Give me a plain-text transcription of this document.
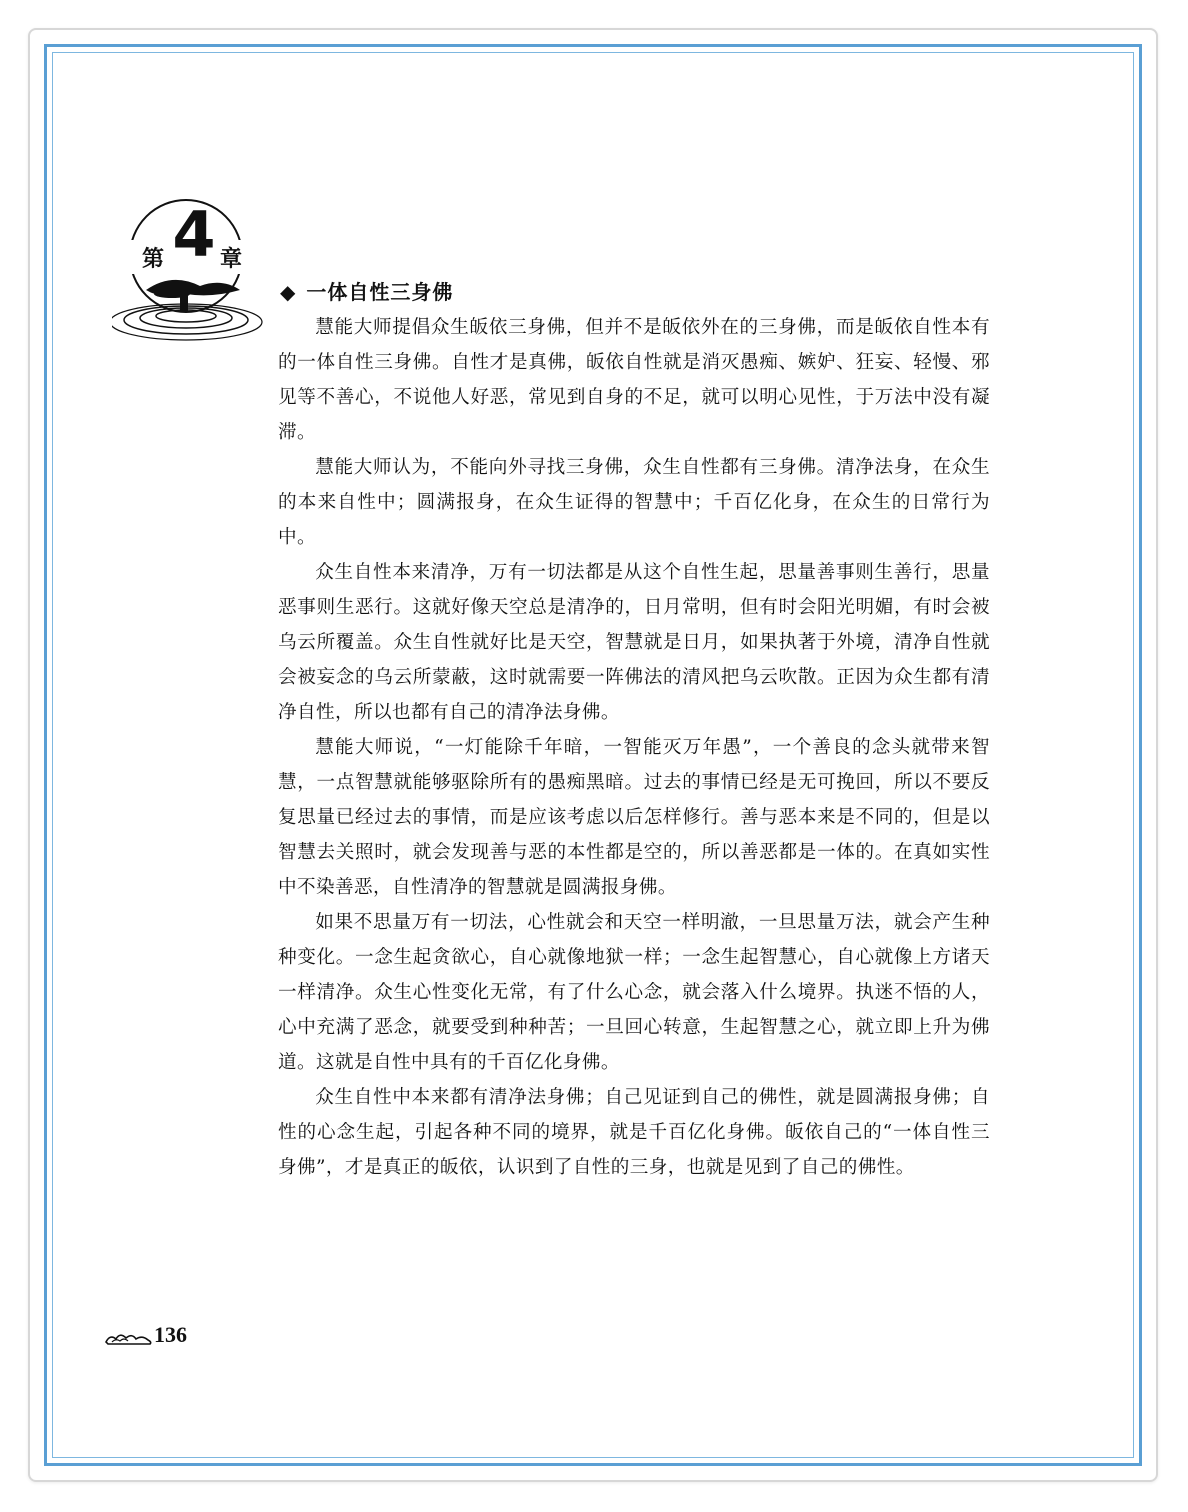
第 4 章
◆ 一体自性三身佛

慧能大师提倡众生皈依三身佛，但并不是皈依外在的三身佛，而是皈依自性本有的一体自性三身佛。自性才是真佛，皈依自性就是消灭愚痴、嫉妒、狂妄、轻慢、邪见等不善心，不说他人好恶，常见到自身的不足，就可以明心见性，于万法中没有凝滞。

慧能大师认为，不能向外寻找三身佛，众生自性都有三身佛。清净法身，在众生的本来自性中；圆满报身，在众生证得的智慧中；千百亿化身，在众生的日常行为中。

众生自性本来清净，万有一切法都是从这个自性生起，思量善事则生善行，思量恶事则生恶行。这就好像天空总是清净的，日月常明，但有时会阳光明媚，有时会被乌云所覆盖。众生自性就好比是天空，智慧就是日月，如果执著于外境，清净自性就会被妄念的乌云所蒙蔽，这时就需要一阵佛法的清风把乌云吹散。正因为众生都有清净自性，所以也都有自己的清净法身佛。

慧能大师说，“一灯能除千年暗，一智能灭万年愚”，一个善良的念头就带来智慧，一点智慧就能够驱除所有的愚痴黑暗。过去的事情已经是无可挽回，所以不要反复思量已经过去的事情，而是应该考虑以后怎样修行。善与恶本来是不同的，但是以智慧去关照时，就会发现善与恶的本性都是空的，所以善恶都是一体的。在真如实性中不染善恶，自性清净的智慧就是圆满报身佛。

如果不思量万有一切法，心性就会和天空一样明澈，一旦思量万法，就会产生种种变化。一念生起贪欲心，自心就像地狱一样；一念生起智慧心，自心就像上方诸天一样清净。众生心性变化无常，有了什么心念，就会落入什么境界。执迷不悟的人，心中充满了恶念，就要受到种种苦；一旦回心转意，生起智慧之心，就立即上升为佛道。这就是自性中具有的千百亿化身佛。

众生自性中本来都有清净法身佛；自己见证到自己的佛性，就是圆满报身佛；自性的心念生起，引起各种不同的境界，就是千百亿化身佛。皈依自己的“一体自性三身佛”，才是真正的皈依，认识到了自性的三身，也就是见到了自己的佛性。

136
